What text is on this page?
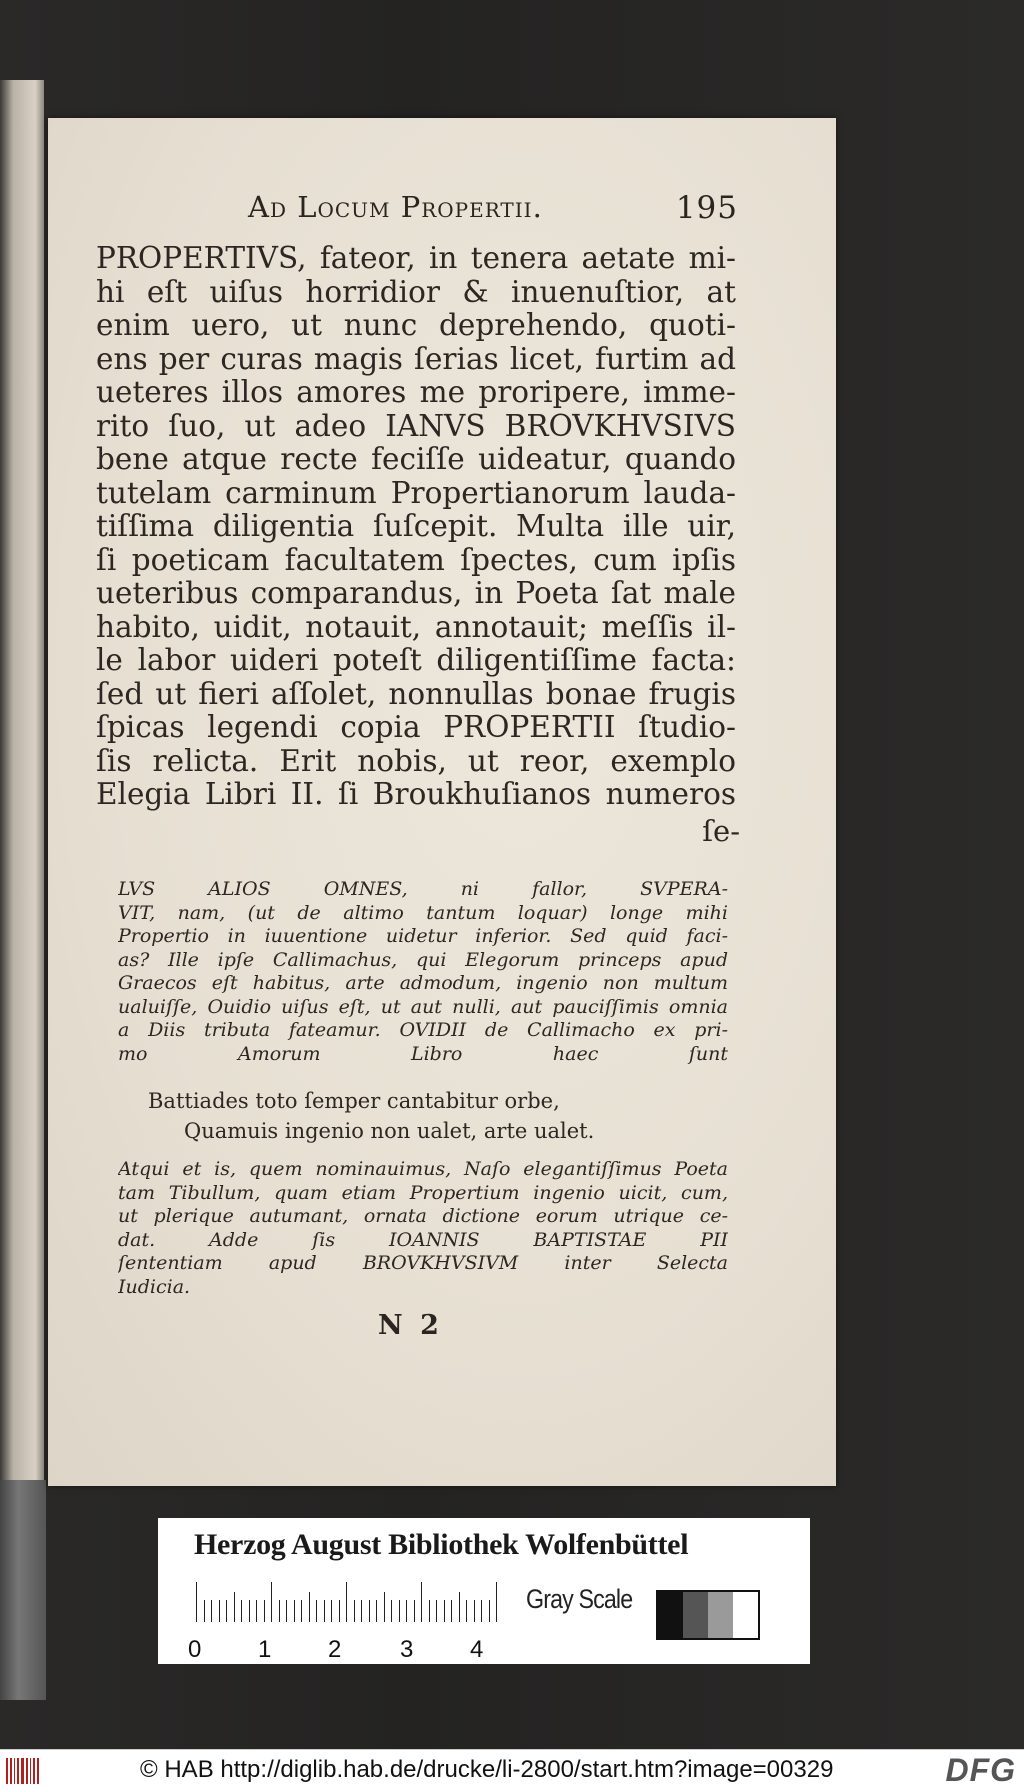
Ad Locum Propertii.	195

PROPERTIVS, fateor, in tenera aetate mi-

hi eſt uiſus horridior & inuenuſtior, at

enim uero, ut nunc deprehendo, quoti-

ens per curas magis ſerias licet, furtim ad

ueteres illos amores me proripere, imme-

rito ſuo, ut adeo IANVS BROVKHVSIVS

bene atque recte feciſſe uideatur, quando

tutelam carminum Propertianorum lauda-

tiſſima diligentia ſuſcepit. Multa ille uir,

ſi poeticam facultatem ſpectes, cum ipſis

ueteribus comparandus, in Poeta ſat male

habito, uidit, notauit, annotauit; meſſis il-

le labor uideri poteſt diligentiſſime facta:

ſed ut fieri aſſolet, nonnullas bonae frugis

ſpicas legendi copia PROPERTII ſtudio-

ſis relicta. Erit nobis, ut reor, exemplo

Elegia Libri II. ſi Broukhuſianos numeros

ſe-

LVS ALIOS OMNES, ni fallor, SVPERA-

VIT, nam, (ut de altimo tantum loquar) longe mihi

Propertio in iuuentione uidetur inferior. Sed quid faci-

as? Ille ipſe Callimachus, qui Elegorum princeps apud

Graecos eſt habitus, arte admodum, ingenio non multum

ualuiſſe, Ouidio uiſus eſt, ut aut nulli, aut pauciſſimis omnia

a Diis tributa fateamur. OVIDII de Callimacho ex pri-

mo Amorum Libro haec ſunt

Battiades toto ſemper cantabitur orbe,
Quamuis ingenio non ualet, arte ualet.

Atqui et is, quem nominauimus, Naſo elegantiſſimus Poeta

tam Tibullum, quam etiam Propertium ingenio uicit, cum,

ut plerique autumant, ornata dictione eorum utrique ce-

dat. Adde ſis IOANNIS BAPTISTAE PII

ſententiam apud BROVKHVSIVM inter Selecta

Iudicia.

N 2
Herzog August Bibliothek Wolfenbüttel
0 1 2 3 4
Gray Scale
© HAB http://diglib.hab.de/drucke/li-2800/start.htm?image=00329	DFG
